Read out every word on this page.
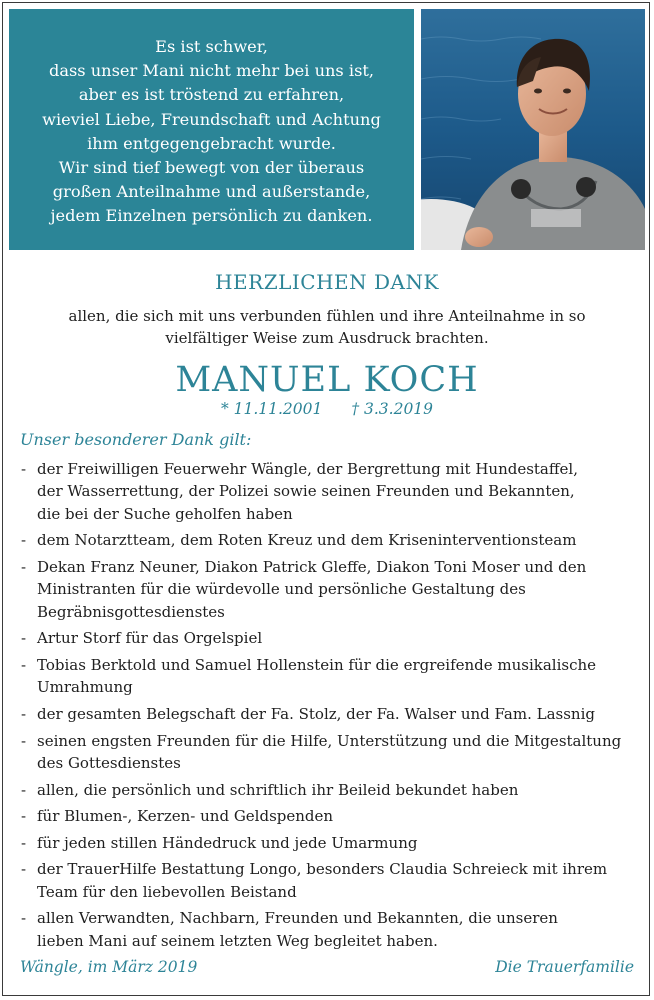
Es ist schwer,
dass unser Mani nicht mehr bei uns ist,
aber es ist tröstend zu erfahren,
wieviel Liebe, Freundschaft und Achtung
ihm entgegengebracht wurde.
Wir sind tief bewegt von der überaus
großen Anteilnahme und außerstande,
jedem Einzelnen persönlich zu danken.
HERZLICHEN DANK
allen, die sich mit uns verbunden fühlen und ihre Anteilnahme in so
vielfältiger Weise zum Ausdruck brachten.
MANUEL KOCH
* 11.11.2001 † 3.3.2019
Unser besonderer Dank gilt:
- der Freiwilligen Feuerwehr Wängle, der Bergrettung mit Hundestaffel,
der Wasserrettung, der Polizei sowie seinen Freunden und Bekannten,
die bei der Suche geholfen haben
- dem Notarztteam, dem Roten Kreuz und dem Kriseninterventionsteam
- Dekan Franz Neuner, Diakon Patrick Gleffe, Diakon Toni Moser und den
Ministranten für die würdevolle und persönliche Gestaltung des
Begräbnisgottesdienstes
- Artur Storf für das Orgelspiel
- Tobias Berktold und Samuel Hollenstein für die ergreifende musikalische
Umrahmung
- der gesamten Belegschaft der Fa. Stolz, der Fa. Walser und Fam. Lassnig
- seinen engsten Freunden für die Hilfe, Unterstützung und die Mitgestaltung
des Gottesdienstes
- allen, die persönlich und schriftlich ihr Beileid bekundet haben
- für Blumen-, Kerzen- und Geldspenden
- für jeden stillen Händedruck und jede Umarmung
- der TrauerHilfe Bestattung Longo, besonders Claudia Schreieck mit ihrem
Team für den liebevollen Beistand
- allen Verwandten, Nachbarn, Freunden und Bekannten, die unseren
lieben Mani auf seinem letzten Weg begleitet haben.
Wängle, im März 2019	Die Trauerfamilie
